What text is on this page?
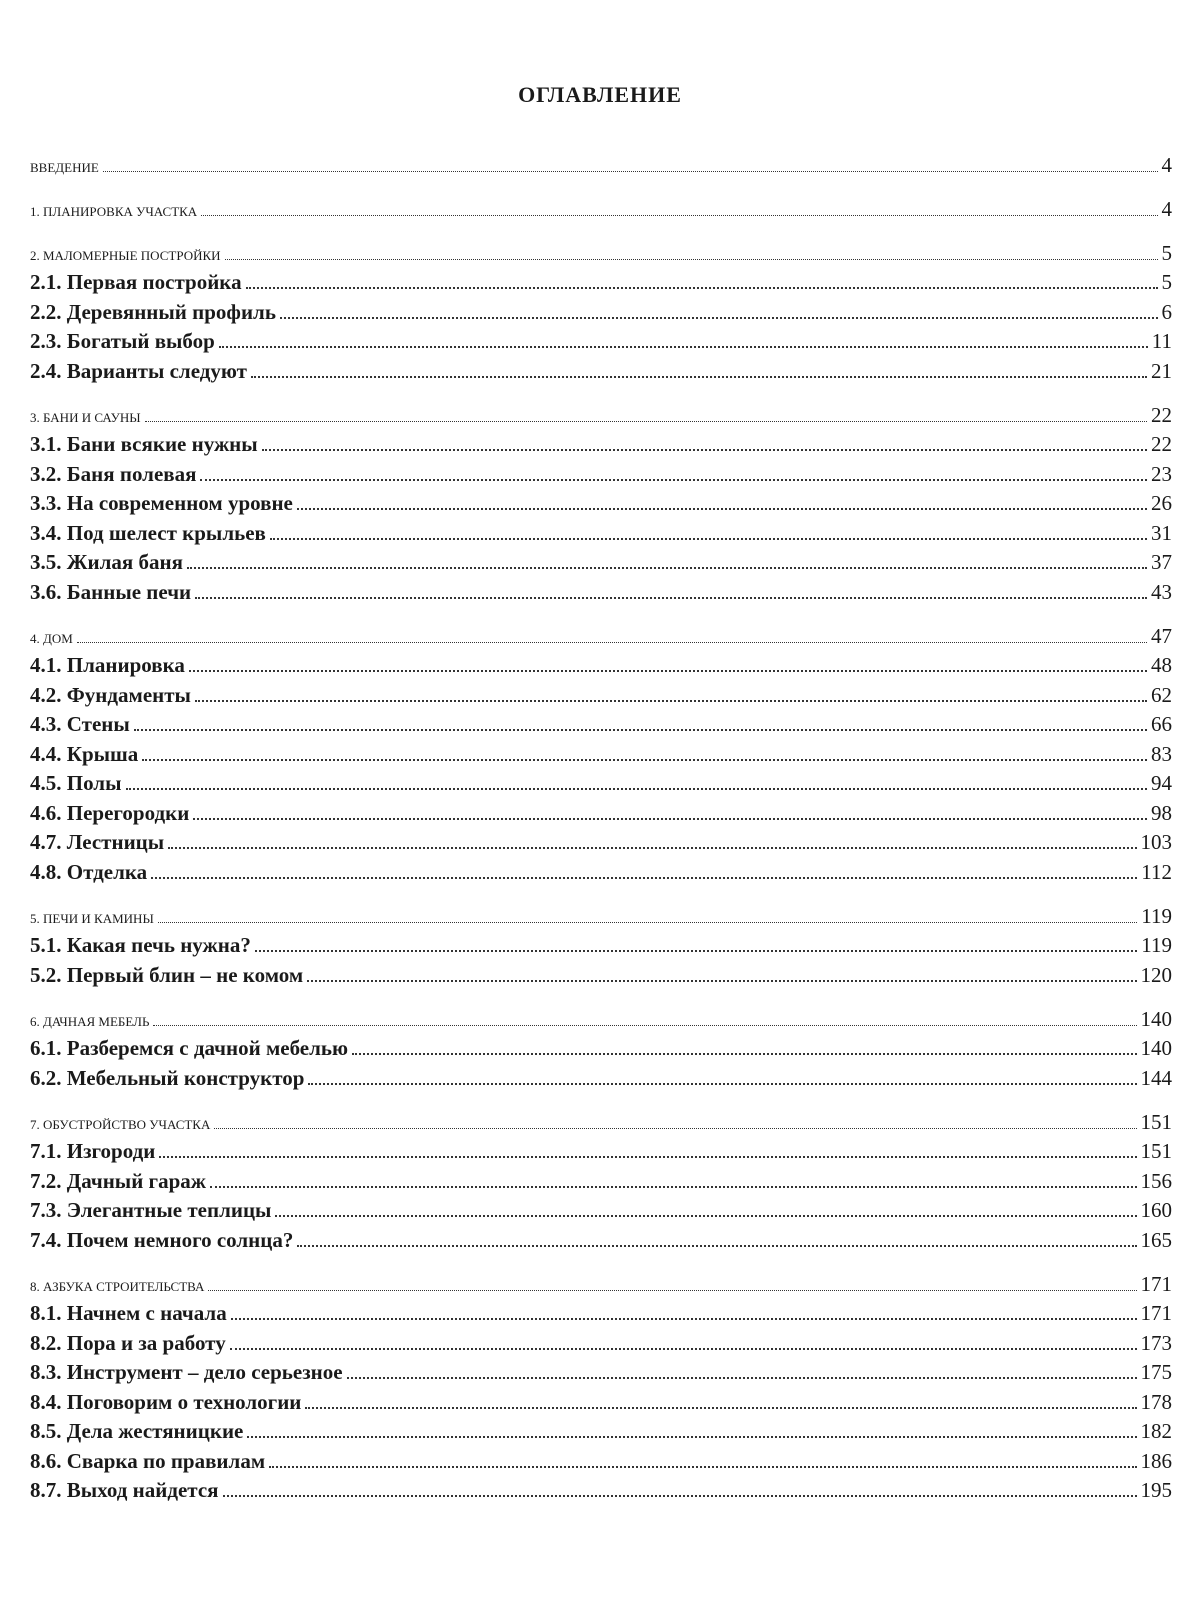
ОГЛАВЛЕНИЕ
ВВЕДЕНИЕ	4
1. ПЛАНИРОВКА УЧАСТКА	4
2. МАЛОМЕРНЫЕ ПОСТРОЙКИ	5
2.1. Первая постройка	5
2.2. Деревянный профиль	6
2.3. Богатый выбор	11
2.4. Варианты следуют	21
3. БАНИ И САУНЫ	22
3.1. Бани всякие нужны	22
3.2. Баня полевая	23
3.3. На современном уровне	26
3.4. Под шелест крыльев	31
3.5. Жилая баня	37
3.6. Банные печи	43
4. ДОМ	47
4.1. Планировка	48
4.2. Фундаменты	62
4.3. Стены	66
4.4. Крыша	83
4.5. Полы	94
4.6. Перегородки	98
4.7. Лестницы	103
4.8. Отделка	112
5. ПЕЧИ И КАМИНЫ	119
5.1. Какая печь нужна?	119
5.2. Первый блин – не комом	120
6. ДАЧНАЯ МЕБЕЛЬ	140
6.1. Разберемся с дачной мебелью	140
6.2. Мебельный конструктор	144
7. ОБУСТРОЙСТВО УЧАСТКА	151
7.1. Изгороди	151
7.2. Дачный гараж	156
7.3. Элегантные теплицы	160
7.4. Почем немного солнца?	165
8. АЗБУКА СТРОИТЕЛЬСТВА	171
8.1. Начнем с начала	171
8.2. Пора и за работу	173
8.3. Инструмент – дело серьезное	175
8.4. Поговорим о технологии	178
8.5. Дела жестяницкие	182
8.6. Сварка по правилам	186
8.7. Выход найдется	195
